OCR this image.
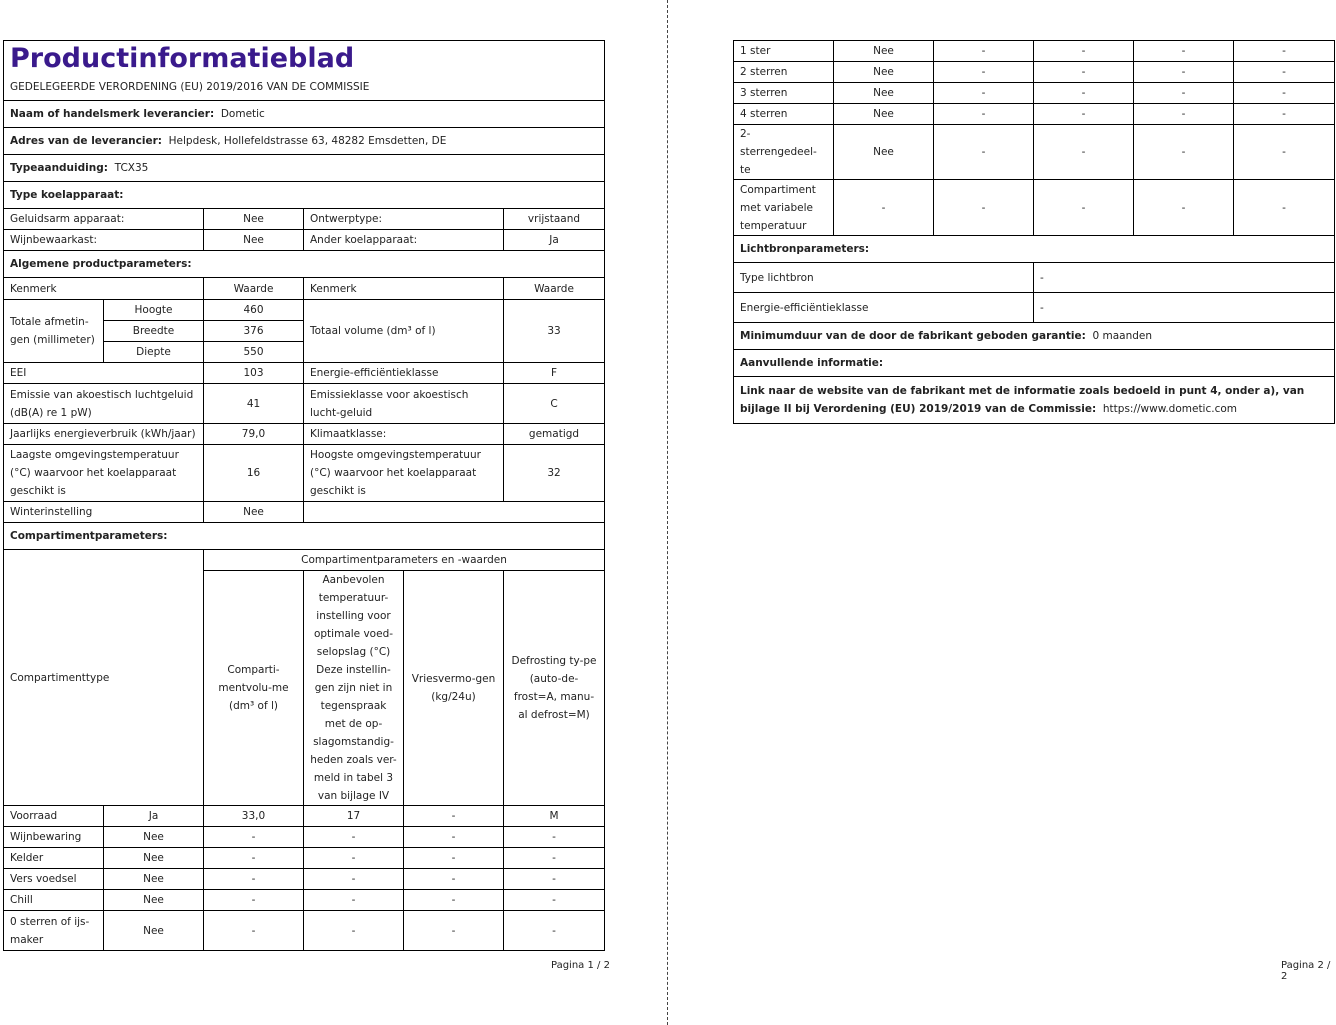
Productinformatieblad
GEDELEGEERDE VERORDENING (EU) 2019/2016 VAN DE COMMISSIE					

Naam of handelsmerk leverancier: Dometic					
Adres van de leverancier: Helpdesk, Hollefeldstrasse 63, 48282 Emsdetten, DE					
Typeaanduiding: TCX35					
Type koelapparaat:					
Geluidsarm apparaat:		Nee	Ontwerptype:		vrijstaand
Wijnbewaarkast:		Nee	Ander koelapparaat:		Ja
Algemene productparameters:					
Kenmerk		Waarde	Kenmerk		Waarde
Totale afmetin-gen (millimeter)	Hoogte	460	Totaal volume (dm³ of l)		33
	Breedte	376			
	Diepte	550			
EEI		103	Energie-efficiëntieklasse		F
Emissie van akoestisch luchtgeluid (dB(A) re 1 pW)		41	Emissieklasse voor akoestisch lucht-geluid		C
Jaarlijks energieverbruik (kWh/jaar)		79,0	Klimaatklasse:		gematigd
Laagste omgevingstemperatuur (°C) waarvoor het koelapparaat geschikt is		16	Hoogste omgevingstemperatuur (°C) waarvoor het koelapparaat geschikt is		32
Winterinstelling		Nee			
Compartimentparameters:					
Compartimenttype		Compartimentparameters en -waarden			
		Comparti-mentvolu-me (dm³ of l)	Aanbevolen temperatuur-instelling voor optimale voed-selopslag (°C) Deze instellin-gen zijn niet in tegenspraak met de op-slagomstandig-heden zoals ver-meld in tabel 3 van bijlage IV	Vriesvermo-gen (kg/24u)	Defrosting ty-pe (auto-de-frost=A, manu-al defrost=M)
Voorraad	Ja	33,0	17	-	M
Wijnbewaring	Nee	-	-	-	-
Kelder	Nee	-	-	-	-
Vers voedsel	Nee	-	-	-	-
Chill	Nee	-	-	-	-
0 sterren of ijs-maker	Nee	-	-	-	-
Pagina 1 / 2
1 ster	Nee	-	-	-	-
2 sterren	Nee	-	-	-	-
3 sterren	Nee	-	-	-	-
4 sterren	Nee	-	-	-	-
2-sterrengedeel-te	Nee	-	-	-	-
Compartiment met variabele temperatuur	-	-	-	-	-
Lichtbronparameters:					
Type lichtbron			-		
Energie-efficiëntieklasse			-		
Minimumduur van de door de fabrikant geboden garantie: 0 maanden					
Aanvullende informatie:					
Link naar de website van de fabrikant met de informatie zoals bedoeld in punt 4, onder a), van bijlage II bij Verordening (EU) 2019/2019 van de Commissie: https://www.dometic.com					
Pagina 2 / 2
